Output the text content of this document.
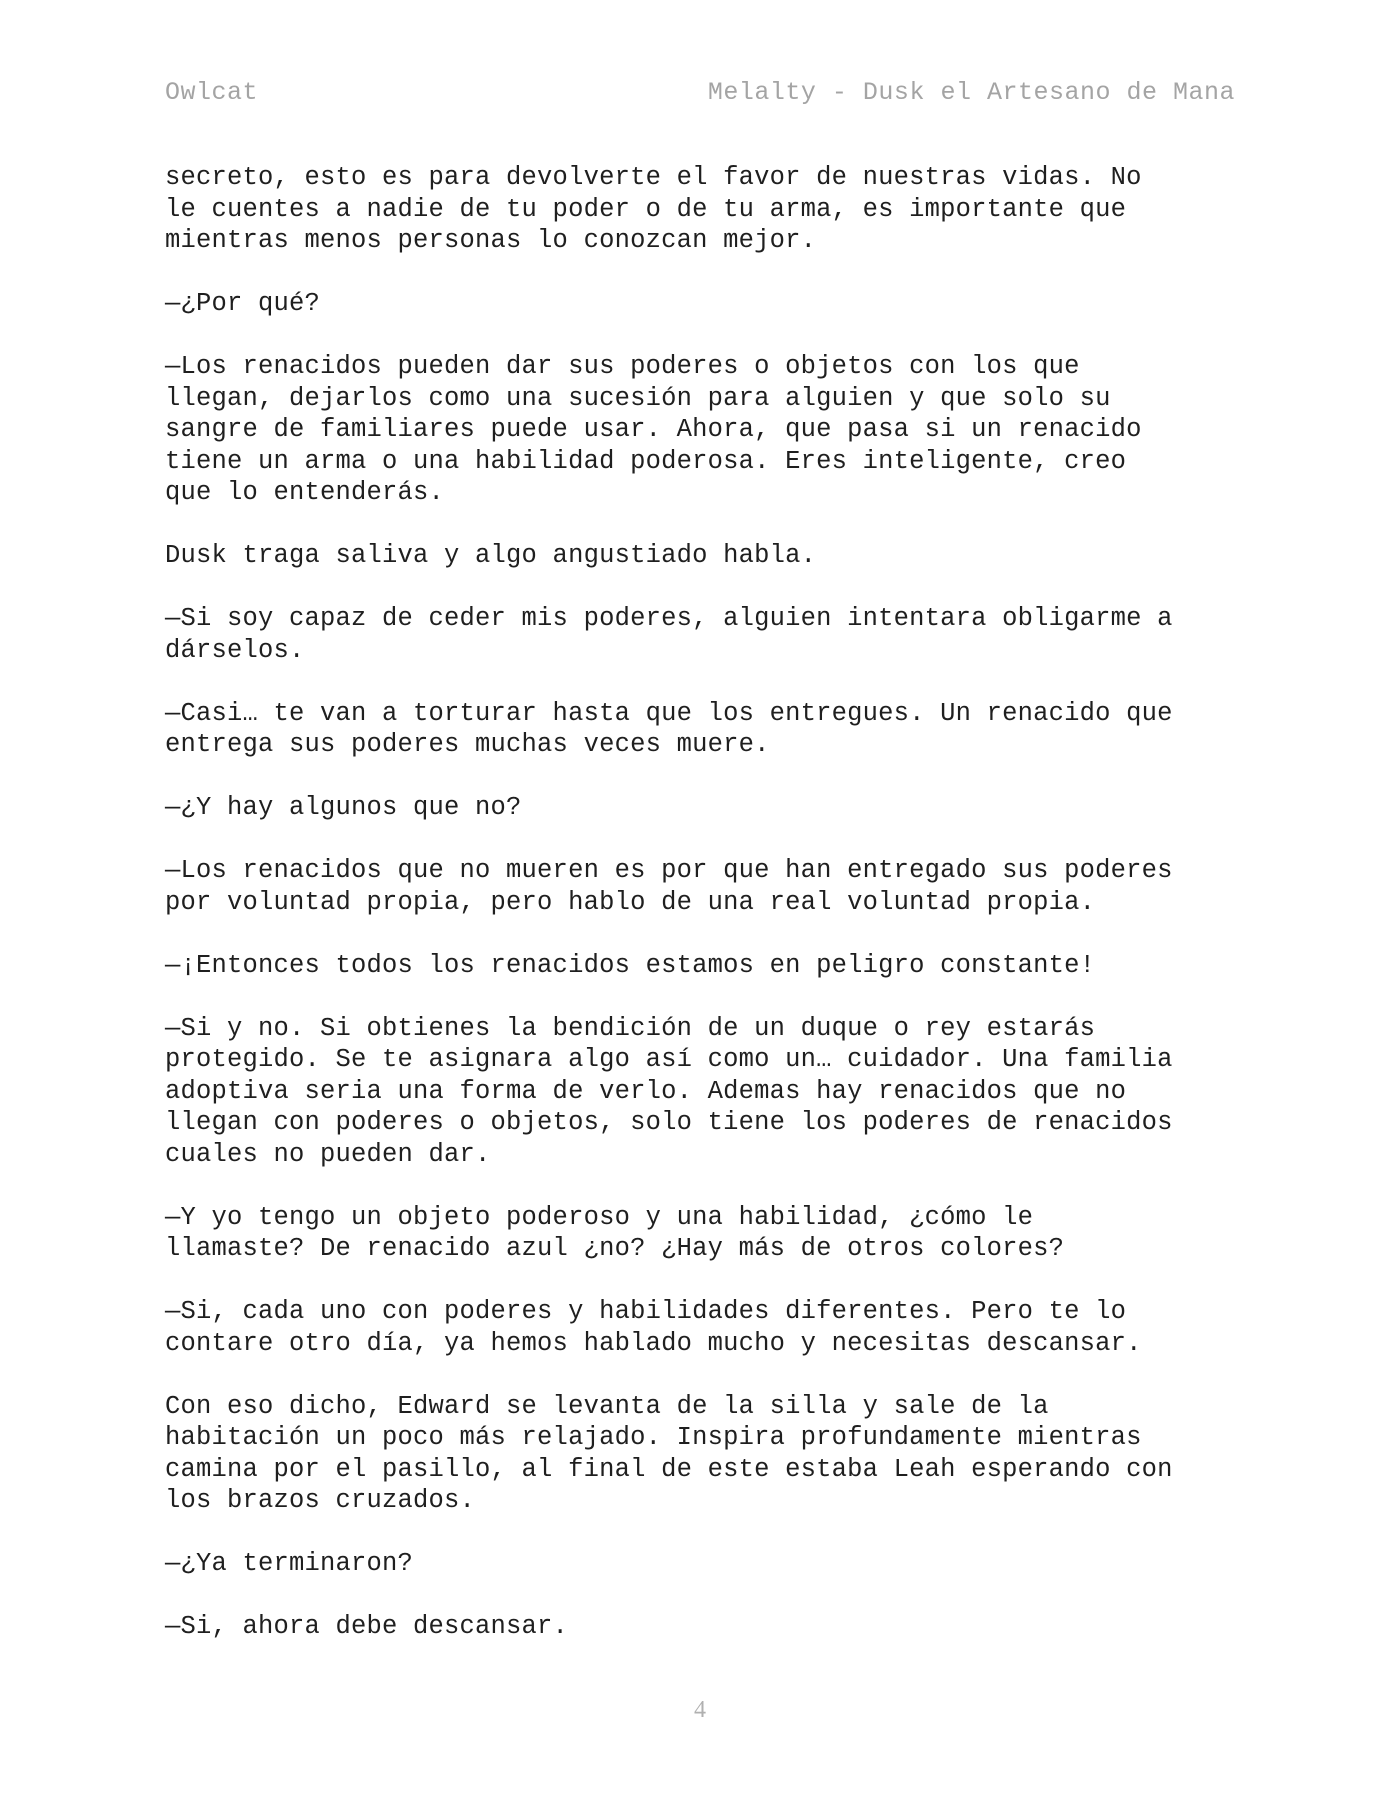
Owlcat	Melalty - Dusk el Artesano de Mana

secreto, esto es para devolverte el favor de nuestras vidas. No
le cuentes a nadie de tu poder o de tu arma, es importante que
mientras menos personas lo conozcan mejor.

—¿Por qué?

—Los renacidos pueden dar sus poderes o objetos con los que
llegan, dejarlos como una sucesión para alguien y que solo su
sangre de familiares puede usar. Ahora, que pasa si un renacido
tiene un arma o una habilidad poderosa. Eres inteligente, creo
que lo entenderás.

Dusk traga saliva y algo angustiado habla.

—Si soy capaz de ceder mis poderes, alguien intentara obligarme a
dárselos.

—Casi… te van a torturar hasta que los entregues. Un renacido que
entrega sus poderes muchas veces muere.

—¿Y hay algunos que no?

—Los renacidos que no mueren es por que han entregado sus poderes
por voluntad propia, pero hablo de una real voluntad propia.

—¡Entonces todos los renacidos estamos en peligro constante!

—Si y no. Si obtienes la bendición de un duque o rey estarás
protegido. Se te asignara algo así como un… cuidador. Una familia
adoptiva seria una forma de verlo. Ademas hay renacidos que no
llegan con poderes o objetos, solo tiene los poderes de renacidos
cuales no pueden dar.

—Y yo tengo un objeto poderoso y una habilidad, ¿cómo le
llamaste? De renacido azul ¿no? ¿Hay más de otros colores?

—Si, cada uno con poderes y habilidades diferentes. Pero te lo
contare otro día, ya hemos hablado mucho y necesitas descansar.

Con eso dicho, Edward se levanta de la silla y sale de la
habitación un poco más relajado. Inspira profundamente mientras
camina por el pasillo, al final de este estaba Leah esperando con
los brazos cruzados.

—¿Ya terminaron?

—Si, ahora debe descansar.

4
